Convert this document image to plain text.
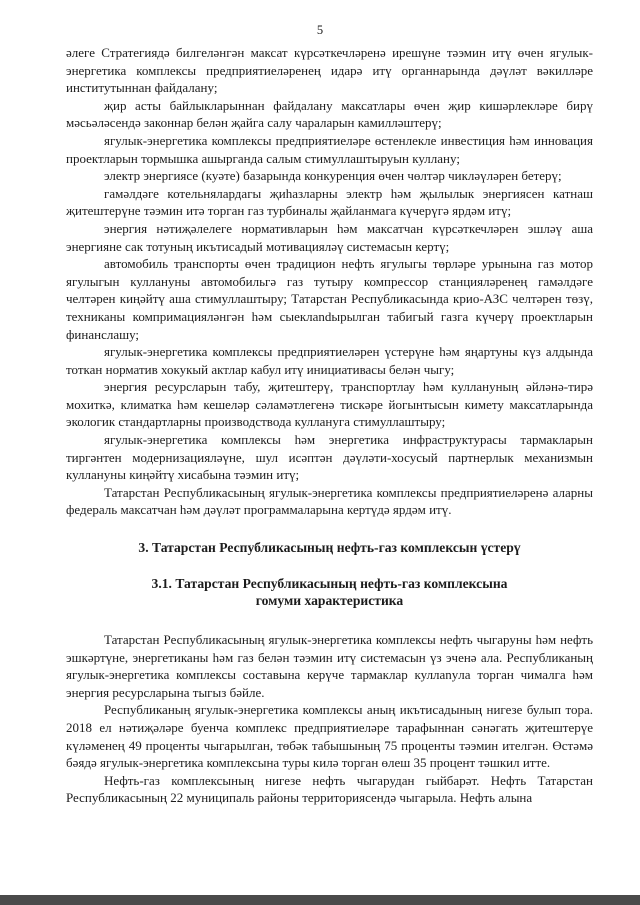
5

әлеге Стратегиядә билгеләнгән максат күрсәткечләренә ирешүне тәэмин итү өчен ягулык-энергетика комплексы предприятиеләренең идарә итү органнарында дәүләт вәкилләре институтыннан файдалану;

җир асты байлыкларыннан файдалану максатлары өчен җир кишәрлекләре бирү мәсьәләсендә законнар белән җайга салу чараларын камилләштерү;

ягулык-энергетика комплексы предприятиеләре өстенлекле инвестиция һәм инновация проектларын тормышка ашырганда салым стимуллаштыруын куллану;

электр энергиясе (куәте) базарында конкуренция өчен чөлтәр чикләүләрен бетерү;

гамәлдәге котельнялардагы җиһазларны электр һәм җылылык энергиясен катнаш җитештерүне тәэмин итә торган газ турбиналы җайланмага күчерүгә ярдәм итү;

энергия нәтиҗәлелеге нормативларын һәм максатчан күрсәткечләрен эшләү аша энергияне сак тотуның икътисадый мотивацияләү системасын кертү;

автомобиль транспорты өчен традицион нефть ягулыгы төрләре урынына газ мотор ягулыгын куллануны автомобильгә газ тутыру компрессор станцияләренең гамәлдәге челтәрен киңәйтү аша стимуллаштыру; Татарстан Республикасында крио-АЗС челтәрен төзү, техниканы компримацияләнгән һәм сыеклandырылган табигый газга күчерү проектларын финанслашу;

ягулык-энергетика комплексы предприятиеләрен үстерүне һәм яңартуны күз алдында тоткан норматив хокукый актлар кабул итү инициативасы белән чыгу;

энергия ресурсларын табу, җитештерү, транспортлау һәм куллануның әйләнә-тирә мохиткә, климатка һәм кешеләр сәламәтлегенә тискәре йогынтысын кимету максатларында экологик стандартларны производствода куллануга стимуллаштыру;

ягулык-энергетика комплексы һәм энергетика инфраструктурасы тармакларын тиргәнтен модернизацияләүне, шул исәптән дәүләти-хосусый партнерлык механизмын куллануны киңәйтү хисабына тәэмин итү;

Татарстан Республикасының ягулык-энергетика комплексы предприятиеләренә аларны федераль максатчан һәм дәүләт программаларына кертүдә ярдәм итү.

3. Татарстан Республикасының нефть-газ комплексын үстерү
3.1. Татарстан Республикасының нефть-газ комплексына
гомуми характеристика

Татарстан Республикасының ягулык-энергетика комплексы нефть чыгаруны һәм нефть эшкәртүне, энергетиканы һәм газ белән тәэмин итү системасын үз эченә ала. Республиканың ягулык-энергетика комплексы составына керүче тармаклар куллanyла торган чималга һәм энергия ресурсларына тыгыз бәйле.

Республиканың ягулык-энергетика комплексы аның икътисадының нигезе булып тора. 2018 ел нәтиҗәләре буенча комплекс предприятиеләре тарафыннан сәнәгать җитештерүе күләменең 49 проценты чыгарылган, төбәк табышының 75 проценты тәэмин ителгән. Өстәмә бәядә ягулык-энергетика комплексына туры килә торган өлеш 35 процент тәшкил итте.

Нефть-газ комплексының нигезе нефть чыгарудан гыйбарәт. Нефть Татарстан Республикасының 22 муниципаль районы территориясендә чыгарыла. Нефть алына
